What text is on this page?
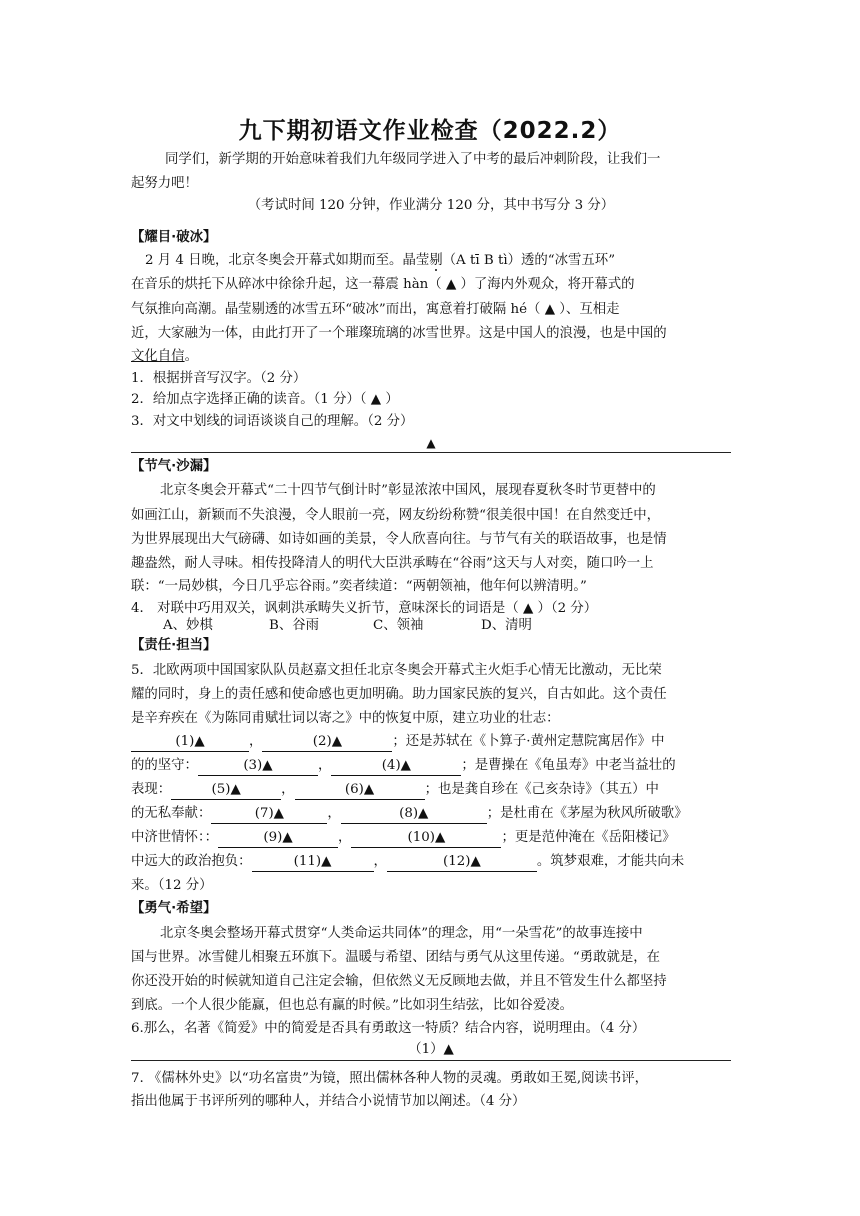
九下期初语文作业检查（2022.2）
同学们，新学期的开始意味着我们九年级同学进入了中考的最后冲刺阶段，让我们一
起努力吧！
（考试时间 120 分钟，作业满分 120 分，其中书写分 3 分）
【耀目·破冰】
2 月 4 日晚，北京冬奥会开幕式如期而至。晶莹剔（A tī B tì）透的“冰雪五环”
在音乐的烘托下从碎冰中徐徐升起，这一幕震 hàn（ ▲ ）了海内外观众，将开幕式的
气氛推向高潮。晶莹剔透的冰雪五环“破冰”而出，寓意着打破隔 hé（ ▲ ）、互相走
近，大家融为一体，由此打开了一个璀璨琉璃的冰雪世界。这是中国人的浪漫，也是中国的
文化自信。
1．根据拼音写汉字。（2 分）
2．给加点字选择正确的读音。（1 分）（ ▲ ）
3．对文中划线的词语谈谈自己的理解。（2 分）
▲
【节气·沙漏】
北京冬奥会开幕式“二十四节气倒计时”彰显浓浓中国风，展现春夏秋冬时节更替中的
如画江山，新颖而不失浪漫，令人眼前一亮，网友纷纷称赞“很美很中国！在自然变迁中，
为世界展现出大气磅礴、如诗如画的美景，令人欣喜向往。与节气有关的联语故事，也是情
趣盎然，耐人寻味。相传投降清人的明代大臣洪承畴在“谷雨”这天与人对奕，随口吟一上
联：“一局妙棋，今日几乎忘谷雨。”奕者续道：“两朝领袖，他年何以辨清明。”
4． 对联中巧用双关，讽刺洪承畴失义折节，意味深长的词语是（ ▲ ）（2 分）
A、妙棋	B、谷雨	C、领袖	D、清明
【责任·担当】
5．北欧两项中国国家队队员赵嘉文担任北京冬奥会开幕式主火炬手心情无比激动，无比荣
耀的同时，身上的责任感和使命感也更加明确。助力国家民族的复兴，自古如此。这个责任
是辛弃疾在《为陈同甫赋壮词以寄之》中的恢复中原，建立功业的壮志：
(1)▲	，	(2)▲	；还是苏轼在《卜算子·黄州定慧院寓居作》中
的的坚守：	(3)▲	，	(4)▲	；是曹操在《龟虽寿》中老当益壮的
表现：	(5)▲	，	(6)▲	；也是龚自珍在《己亥杂诗》（其五）中
的无私奉献：	(7)▲	，	(8)▲	；是杜甫在《茅屋为秋风所破歌》
中济世情怀：：	(9)▲	，	(10)▲	；更是范仲淹在《岳阳楼记》
中远大的政治抱负：	(11)▲	，	(12)▲	。筑梦艰难，才能共向未
来。（12 分）
【勇气·希望】
北京冬奥会整场开幕式贯穿“人类命运共同体”的理念，用“一朵雪花”的故事连接中
国与世界。冰雪健儿相聚五环旗下。温暖与希望、团结与勇气从这里传递。“勇敢就是，在
你还没开始的时候就知道自己注定会输，但依然义无反顾地去做，并且不管发生什么都坚持
到底。一个人很少能赢，但也总有赢的时候。”比如羽生结弦，比如谷爱凌。
6.那么，名著《简爱》中的简爱是否具有勇敢这一特质？结合内容，说明理由。（4 分）
（1）▲
7. 《儒林外史》以“功名富贵”为镜，照出儒林各种人物的灵魂。勇敢如王冕,阅读书评，
指出他属于书评所列的哪种人，并结合小说情节加以阐述。（4 分）
